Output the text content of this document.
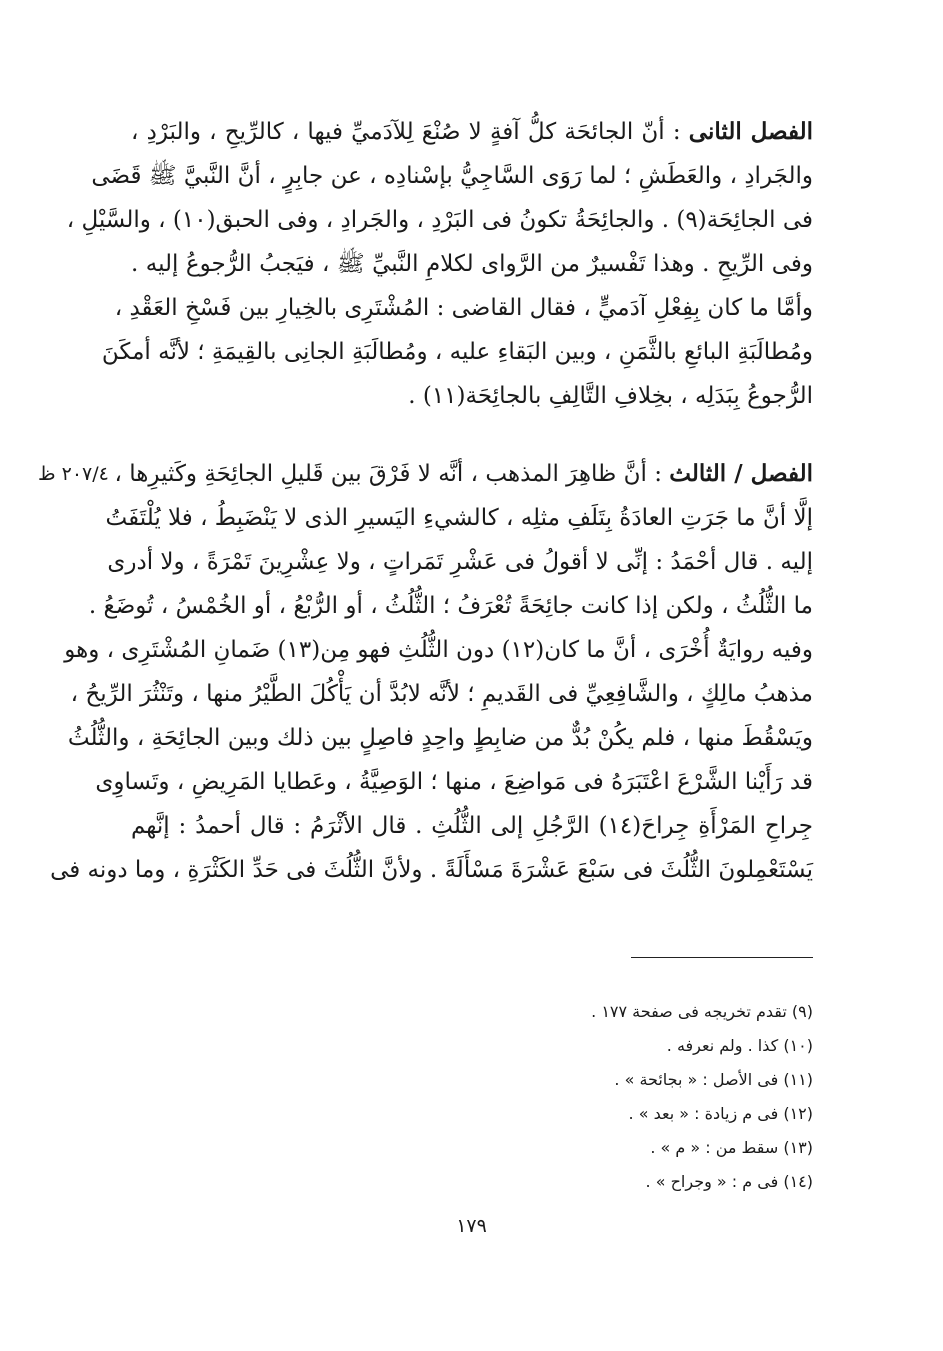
الفصل الثانى : أنّ الجائحَة كلُّ آفةٍ لا صُنْعَ لِلآدَميِّ فيها ، كالرِّيحِ ، والبَرْدِ ،
والجَرادِ ، والعَطَشِ ؛ لما رَوَى السَّاجِيُّ بإسْنادِه ، عن جابِرٍ ، أنَّ النَّبيَّ ﷺ قَضَى
فى الجائِحَة(٩) . والجائِحَةُ تكونُ فى البَرْدِ ، والجَرادِ ، وفى الحبق(١٠) ، والسَّيْلِ ،
وفى الرِّيحِ . وهذا تَفْسيرٌ من الرَّواى لكلامِ النَّبيِّ ﷺ ، فيَجبُ الرُّجوعُ إليه .
وأمَّا ما كان بِفِعْلِ آدَميٍّ ، فقال القاضى : المُشْتَرِى بالخِيارِ بين فَسْخِ العَقْدِ ،
ومُطالَبَةِ البائعِ بالثَّمَنِ ، وبين البَقاءِ عليه ، ومُطالَبَةِ الجانِى بالقِيمَةِ ؛ لأنَّه أمكَنَ
الرُّجوعُ بِبَدَلِه ، بخِلافِ التَّالِفِ بالجائِحَة(١١) .
٢٠٧/٤ ظ	الفصل / الثالث : أنَّ ظاهِرَ المذهب ، أنَّه لا فَرْقَ بين قَليلِ الجائِحَةِ وكَثيرِها ،
إلَّا أنَّ ما جَرَتِ العادَةُ بِتَلَفِ مثلِه ، كالشيءِ اليَسيرِ الذى لا يَنْضَبِطُ ، فلا يُلْتَفَتُ
إليه . قال أحْمَدُ : إنِّى لا أقولُ فى عَشْرِ تَمَراتٍ ، ولا عِشْرِينَ تَمْرَةً ، ولا أدرى
ما الثُّلُثُ ، ولكن إذا كانت جائِحَةً تُعْرَفُ ؛ الثُّلُثُ ، أو الرُّبْعُ ، أو الخُمْسُ ، تُوضَعُ .
وفيه روايَةٌ أُخْرَى ، أنَّ ما كان(١٢) دون الثُّلُثِ فهو مِن(١٣) ضَمانِ المُشْتَرِى ، وهو
مذهبُ مالِكٍ ، والشَّافِعِيِّ فى القَديمِ ؛ لأنَّه لابُدَّ أن يَأْكُلَ الطَّيْرُ منها ، وتَنْثُرَ الرِّيحُ ،
ويَسْقُطَ منها ، فلم يكُنْ بُدٌّ من ضابِطٍ واحِدٍ فاصِلٍ بين ذلك وبين الجائِحَةِ ، والثُّلُثُ
قد رَأَيْنا الشَّرْعَ اعْتَبَرَهُ فى مَواضِعَ ، منها ؛ الوَصِيَّةُ ، وعَطايا المَرِيضِ ، وتَساوِى
جِراحِ المَرْأَةِ جِراحَ(١٤) الرَّجُلِ إلى الثُّلُثِ . قال الأثْرَمُ : قال أحمدُ : إنَّهم
يَسْتَعْمِلونَ الثُّلُثَ فى سَبْعَ عَشْرَةَ مَسْأَلَةً . ولأنَّ الثُّلُثَ فى حَدِّ الكَثْرَةِ ، وما دونه فى
(٩) تقدم تخريجه فى صفحة ١٧٧ .
(١٠) كذا . ولم نعرفه .
(١١) فى الأصل : « بجائحة » .
(١٢) فى م زيادة : « بعد » .
(١٣) سقط من : « م » .
(١٤) فى م : « وجراح » .
١٧٩
